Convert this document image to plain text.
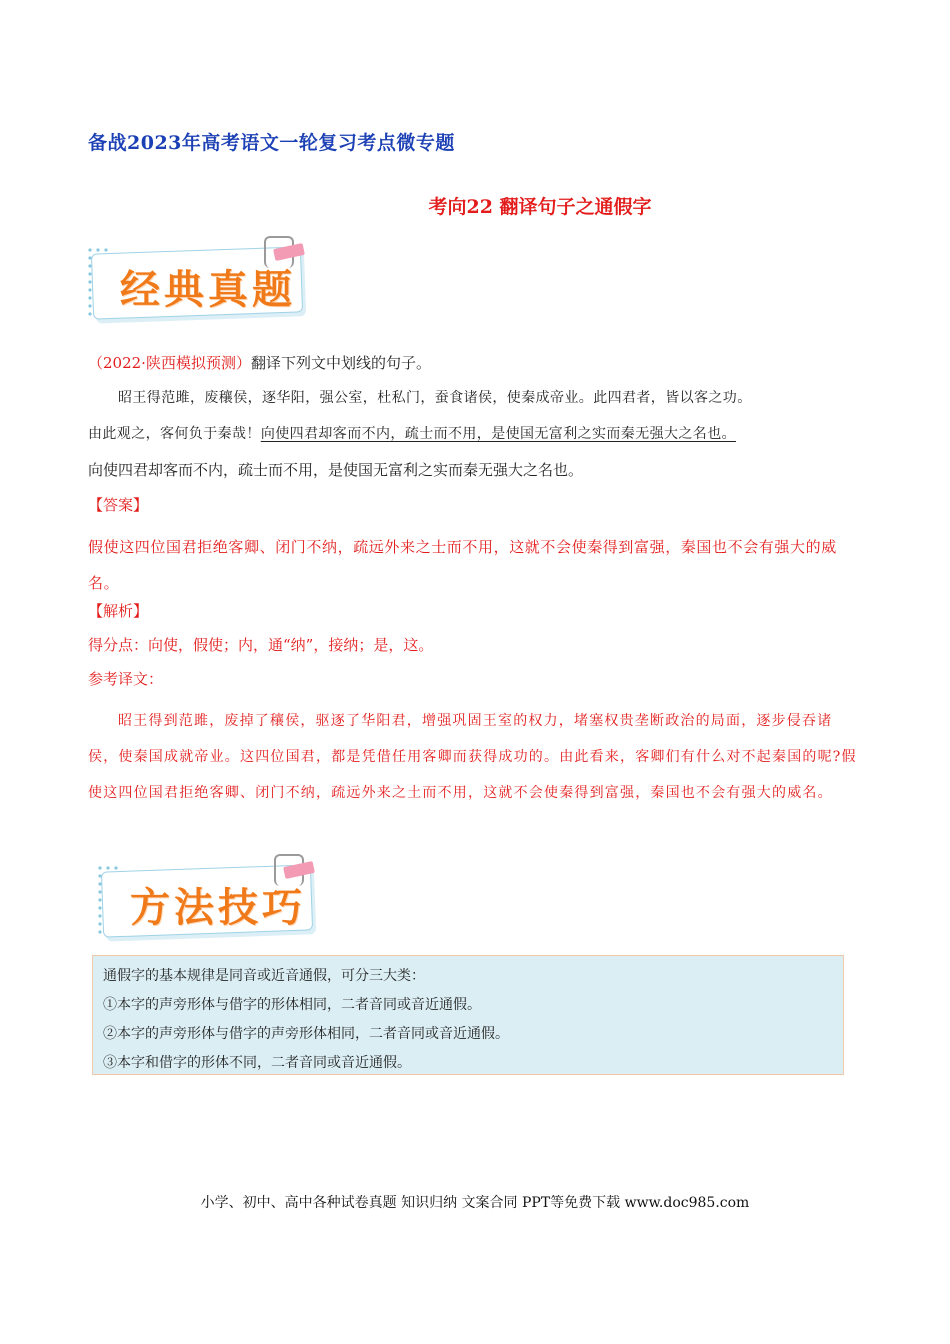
备战2023年高考语文一轮复习考点微专题
考向22 翻译句子之通假字
经典真题
（2022·陕西模拟预测）翻译下列文中划线的句子。
昭王得范雎，废穰侯，逐华阳，强公室，杜私门，蚕食诸侯，使秦成帝业。此四君者，皆以客之功。
由此观之，客何负于秦哉！向使四君却客而不内，疏士而不用，是使国无富利之实而秦无强大之名也。
向使四君却客而不内，疏士而不用，是使国无富利之实而秦无强大之名也。
【答案】
假使这四位国君拒绝客卿、闭门不纳，疏远外来之士而不用，这就不会使秦得到富强，秦国也不会有强大的威名。
【解析】
得分点：向使，假使；内，通“纳”，接纳；是，这。
参考译文：
昭王得到范雎，废掉了穰侯，驱逐了华阳君，增强巩固王室的权力，堵塞权贵垄断政治的局面，逐步侵吞诸侯，使秦国成就帝业。这四位国君，都是凭借任用客卿而获得成功的。由此看来，客卿们有什么对不起秦国的呢?假使这四位国君拒绝客卿、闭门不纳，疏远外来之土而不用，这就不会使秦得到富强，秦国也不会有强大的威名。
方法技巧
通假字的基本规律是同音或近音通假，可分三大类：
①本字的声旁形体与借字的形体相同，二者音同或音近通假。
②本字的声旁形体与借字的声旁形体相同，二者音同或音近通假。
③本字和借字的形体不同，二者音同或音近通假。
小学、初中、高中各种试卷真题 知识归纳 文案合同 PPT等免费下载 www.doc985.com
